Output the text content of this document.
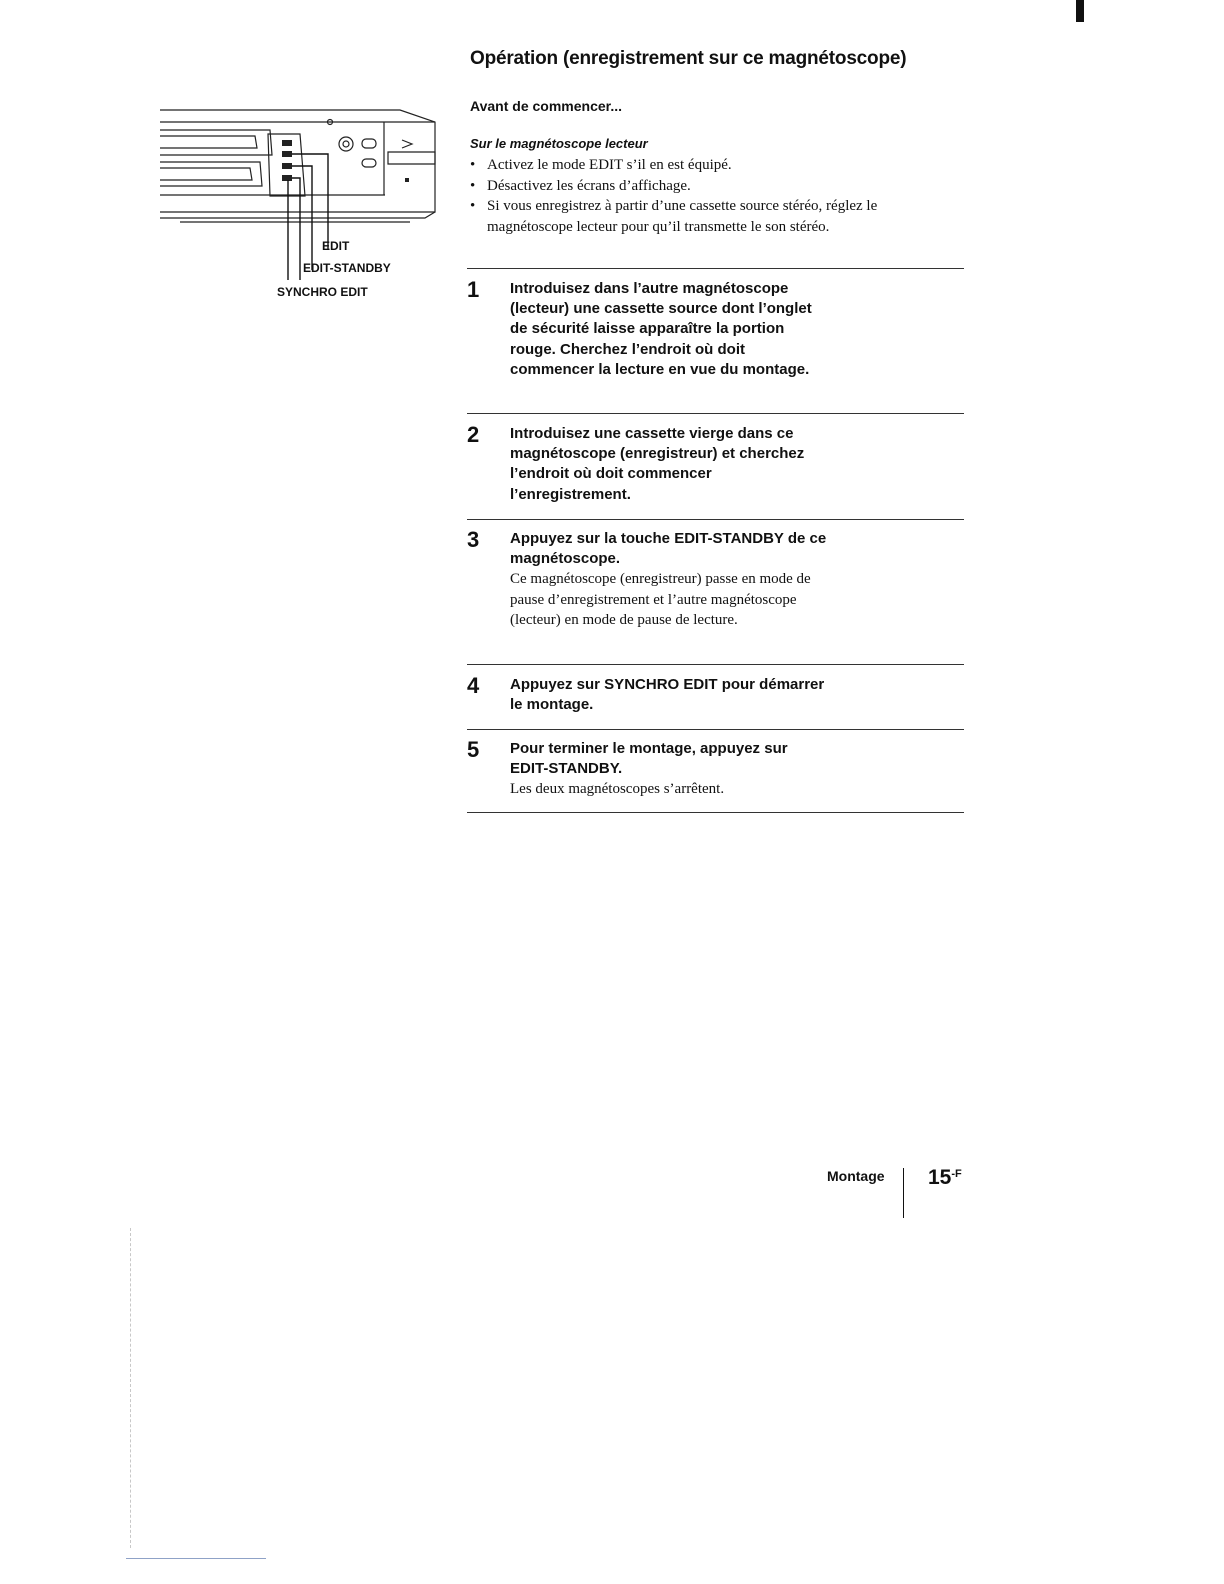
Opération (enregistrement sur ce magnétoscope)
Avant de commencer...
Sur le magnétoscope lecteur
• Activez le mode EDIT s’il en est équipé.
• Désactivez les écrans d’affichage.
• Si vous enregistrez à partir d’une cassette source stéréo, réglez le magnétoscope lecteur pour qu’il transmette le son stéréo.
EDIT
EDIT-STANDBY
SYNCHRO EDIT	1 Introduisez dans l’autre magnétoscope (lecteur) une cassette source dont l’onglet de sécurité laisse apparaître la portion rouge. Cherchez l’endroit où doit commencer la lecture en vue du montage.
2 Introduisez une cassette vierge dans ce magnétoscope (enregistreur) et cherchez l’endroit où doit commencer l’enregistrement.
3 Appuyez sur la touche EDIT-STANDBY de ce magnétoscope.
Ce magnétoscope (enregistreur) passe en mode de pause d’enregistrement et l’autre magnétoscope (lecteur) en mode de pause de lecture.
4 Appuyez sur SYNCHRO EDIT pour démarrer le montage.
5 Pour terminer le montage, appuyez sur EDIT-STANDBY.
Les deux magnétoscopes s’arrêtent.
Montage $15^{-F}$
